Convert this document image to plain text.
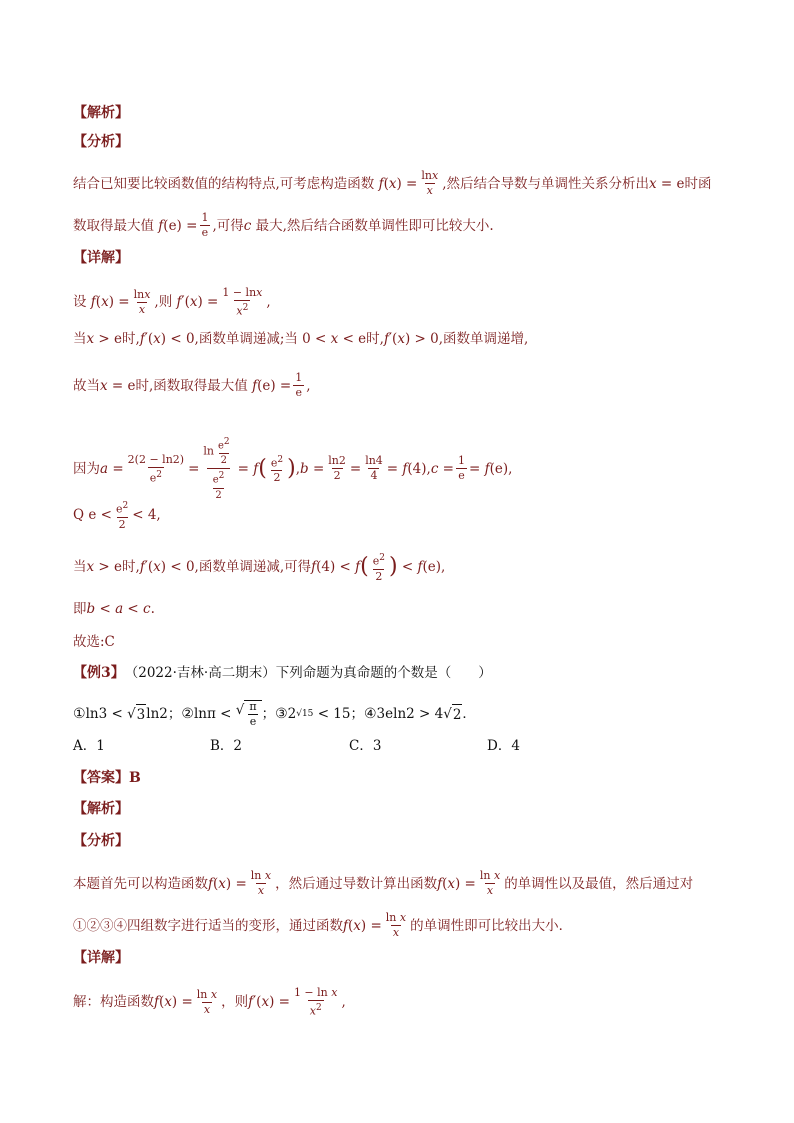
【解析】
【分析】
结合已知要比较函数值的结构特点,可考虑构造函数 f ( x ) = $\frac{\ln x}{x}$ ,然后结合导数与单调性关系分析出 x = e 时函
数取得最大值 f $(e) = \frac{1}{e}$ ,可得 c
最大,然后结合函数单调性即可比较大小.
【详解】
设 f ( x ) = $\frac{\ln x}{x}$ ,则 f ′( x ) = $\frac{1 - \ln x}{x^2}$ ,
当 x > e 时, f ′( x ) < 0 ,函数单调递减;当 0 < x < e 时, f ′( x ) > 0 ,函数单调递增,
故当 x = e 时,函数取得最大值 f $(e) = \frac{1}{e}$ ,
因为 $a = \frac{2(2 - \ln 2)}{e^2} = \frac{\ln \frac{e2}{2}}{\frac{e2}{2}} = f$ ( $\frac{e^2}{2}$ ) , $b = \frac{\ln 2}{2} = \frac{\ln 4}{4} = f$ (4), $c = \frac{1}{e} = f$ (e),
Q $e < \frac{e^2}{2} < 4$,
当 x > e 时, f ′( x ) < 0 ,函数单调递减,可得 f (4) < f ( $\frac{e^2}{2}$ ) < f (e),
即 b < a < c .
故选:C
【例3】 （2022·吉林·高二期末）下列命题为真命题的个数是（　　）
① ln3 < √ 3 ln2 ； ② lnπ < √ $\frac{\pi}{e}$ ； ③ 2 √15 < 15 ； ④ 3eln2 > 4 √ 2 ．
A．1	B．2	C．3	D．4
【答案】B
【解析】
【分析】
本题首先可以构造函数 f ( x ) = $\frac{\text{ln x}}{x}$ ，然后通过导数计算出函数 f ( x ) = $\frac{\text{ln x}}{x}$ 的单调性以及最值，然后通过对
①②③④四组数字进行适当的变形，通过函数 f ( x ) = $\frac{\text{ln x}}{x}$ 的单调性即可比较出大小．
【详解】
解：构造函数 f ( x ) = $\frac{\text{ln x}}{x}$ ，则 f ′( x ) = $\frac{\text{1 − ln x}}{x^2}$ ,
